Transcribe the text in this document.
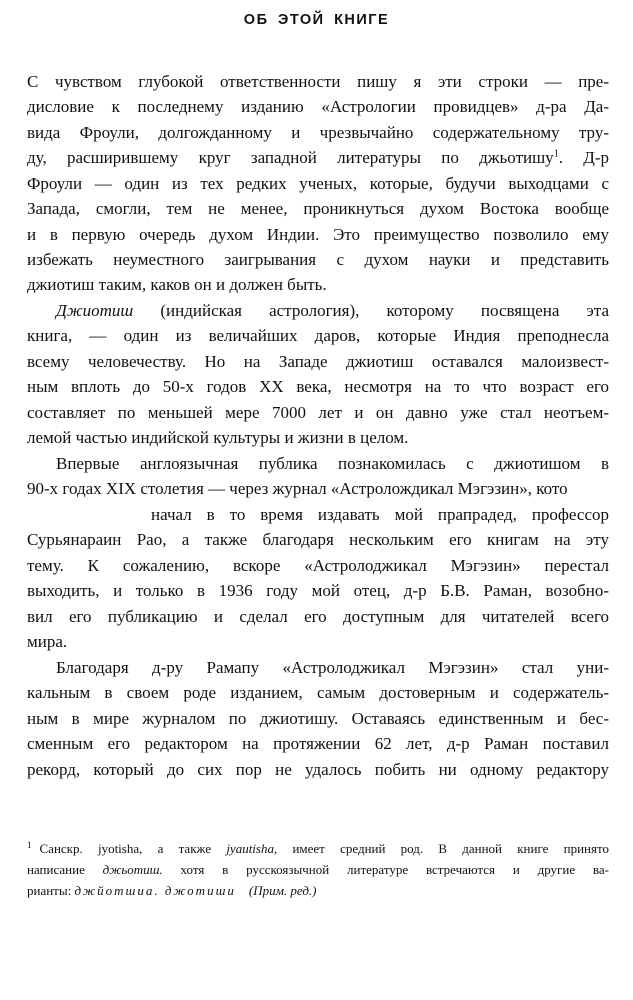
ОБ ЭТОЙ КНИГЕ
С чувством глубокой ответственности пишу я эти строки — пре-
дисловие к последнему изданию «Астрологии провидцев» д-ра Да-
вида Фроули, долгожданному и чрезвычайно содержательному тру-
ду, расширившему круг западной литературы по джьотишу$^1$. Д-р
Фроули — один из тех редких ученых, которые, будучи выходцами с
Запада, смогли, тем не менее, проникнуться духом Востока вообще
и в первую очередь духом Индии. Это преимущество позволило ему
избежать неуместного заигрывания с духом науки и представить
джиотиш таким, каков он и должен быть.
Джиотиш (индийская астрология), которому посвящена эта
книга, — один из величайших даров, которые Индия преподнесла
всему человечеству. Но на Западе джиотиш оставался малоизвест-
ным вплоть до 50-х годов XX века, несмотря на то что возраст его
составляет по меньшей мере 7000 лет и он давно уже стал неотъем-
лемой частью индийской культуры и жизни в целом.
Впервые англоязычная публика познакомилась с джиотишом в
90-х годах XIX столетия — через журнал «Астролождикал Мэгэзин», кото
начал в то время издавать мой прапрадед, профессор
Сурьянараин Рао, а также благодаря нескольким его книгам на эту
тему. К сожалению, вскоре «Астролоджикал Мэгэзин» перестал
выходить, и только в 1936 году мой отец, д-р Б.В. Раман, возобно-
вил его публикацию и сделал его доступным для читателей всего
мира.
Благодаря д-ру Рамапу «Астролоджикал Мэгэзин» стал уни-
кальным в своем роде изданием, самым достоверным и содержатель-
ным в мире журналом по джиотишу. Оставаясь единственным и бес-
сменным его редактором на протяжении 62 лет, д-р Раман поставил
рекорд, который до сих пор не удалось побить ни одному редактору
$^1$ Санскр. jyotisha, а также jyautisha, имеет средний род. В данной книге принято
написание джьотиш. хотя в русскоязычной литературе встречаются и другие ва-
рианты: джйотшиа. джотиши (Прим. ред.)
